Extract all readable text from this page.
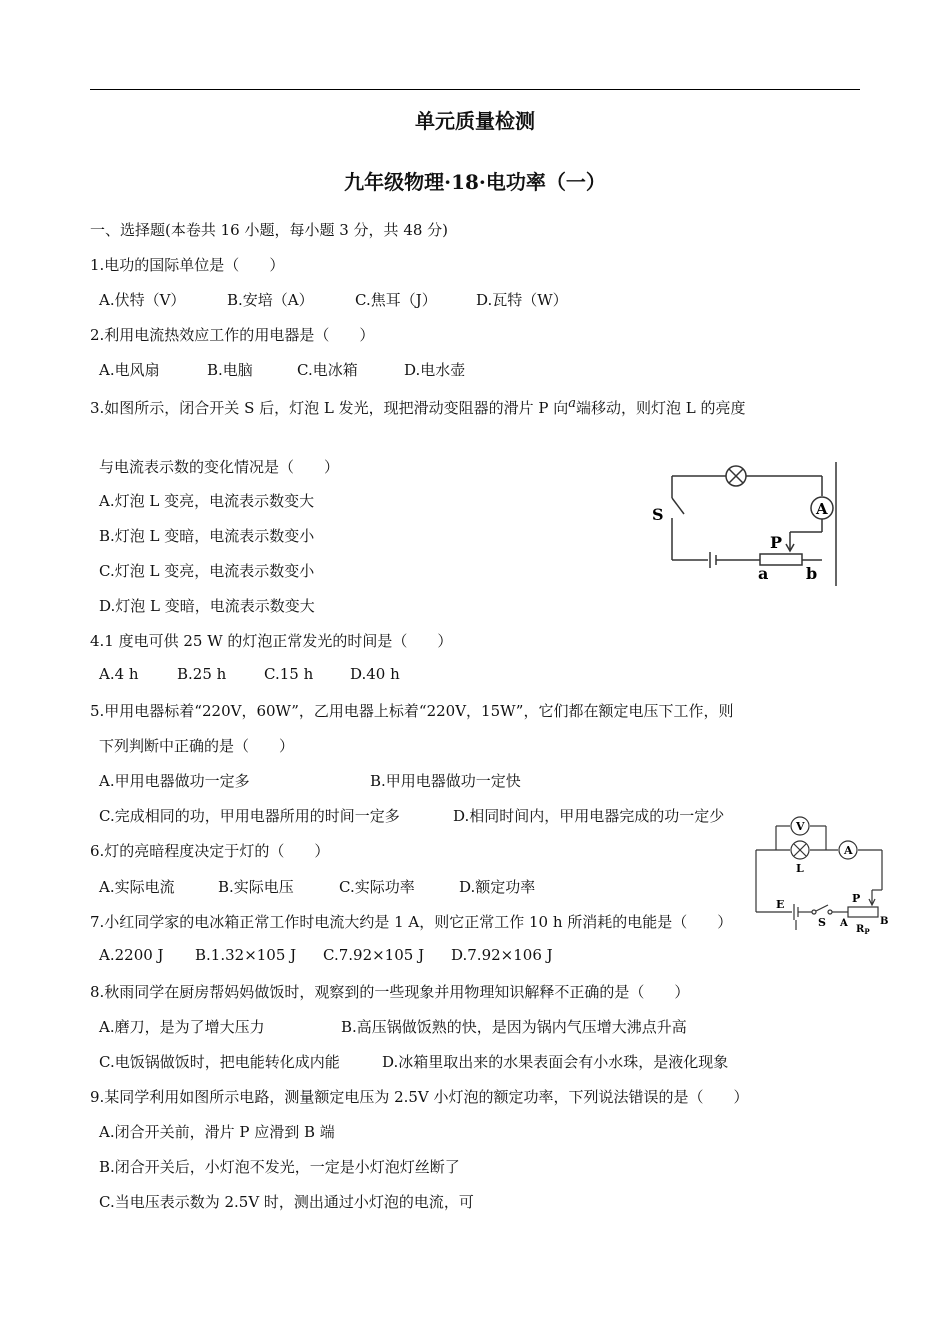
单元质量检测
九年级物理·18·电功率（一）
一、选择题(本卷共 16 小题，每小题 3 分，共 48 分)
1.电功的国际单位是（　　）
A.伏特（V）	B.安培（A）	C.焦耳（J）	D.瓦特（W）
2.利用电流热效应工作的用电器是（　　）
A.电风扇	B.电脑	C.电冰箱	D.电水壶
3.如图所示，闭合开关 S 后，灯泡 L 发光，现把滑动变阻器的滑片 P 向$^a$端移动，则灯泡 L 的亮度
与电流表示数的变化情况是（　　）
A.灯泡 L 变亮，电流表示数变大
B.灯泡 L 变暗，电流表示数变小
C.灯泡 L 变亮，电流表示数变小
D.灯泡 L 变暗，电流表示数变大
S	A
P
a b
4.1 度电可供 25 W 的灯泡正常发光的时间是（　　）
A.4 h	B.25 h	C.15 h D.40 h
5.甲用电器标着“220V，60W”，乙用电器上标着“220V，15W”，它们都在额定电压下工作，则
下列判断中正确的是（　　）
A.甲用电器做功一定多	B.甲用电器做功一定快
C.完成相同的功，甲用电器所用的时间一定多	D.相同时间内，甲用电器完成的功一定少
6.灯的亮暗程度决定于灯的（　　）
A.实际电流	B.实际电压	C.实际功率	D.额定功率
V
A
L
E
S
P
A	B
$R_P$
7.小红同学家的电冰箱正常工作时电流大约是 1 A，则它正常工作 10 h 所消耗的电能是（　　）
A.2200 J B.1.32×105 J C.7.92×105 J D.7.92×106 J
8.秋雨同学在厨房帮妈妈做饭时，观察到的一些现象并用物理知识解释不正确的是（　　）
A.磨刀，是为了增大压力	B.高压锅做饭熟的快，是因为锅内气压增大沸点升高
C.电饭锅做饭时，把电能转化成内能	D.冰箱里取出来的水果表面会有小水珠，是液化现象
9.某同学利用如图所示电路，测量额定电压为 2.5V 小灯泡的额定功率，下列说法错误的是（　　）
A.闭合开关前，滑片 P 应滑到 B 端
B.闭合开关后，小灯泡不发光，一定是小灯泡灯丝断了
C.当电压表示数为 2.5V 时，测出通过小灯泡的电流，可
